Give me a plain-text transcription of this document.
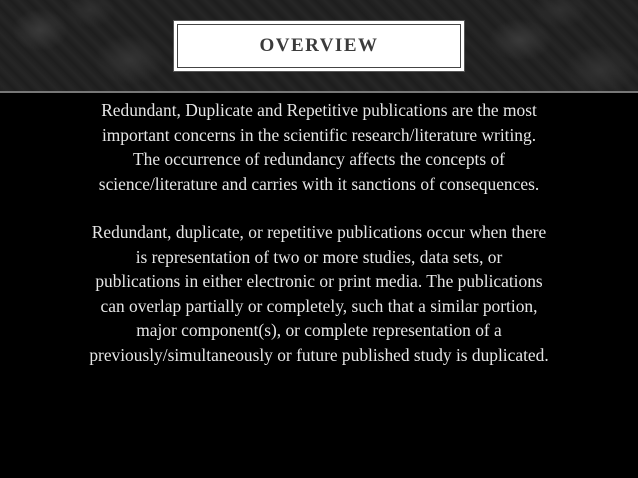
OVERVIEW

Redundant, Duplicate and Repetitive publications are the most
important concerns in the scientific research/literature writing.
The occurrence of redundancy affects the concepts of
science/literature and carries with it sanctions of consequences.

Redundant, duplicate, or repetitive publications occur when there
is representation of two or more studies, data sets, or
publications in either electronic or print media. The publications
can overlap partially or completely, such that a similar portion,
major component(s), or complete representation of a
previously/simultaneously or future published study is duplicated.
